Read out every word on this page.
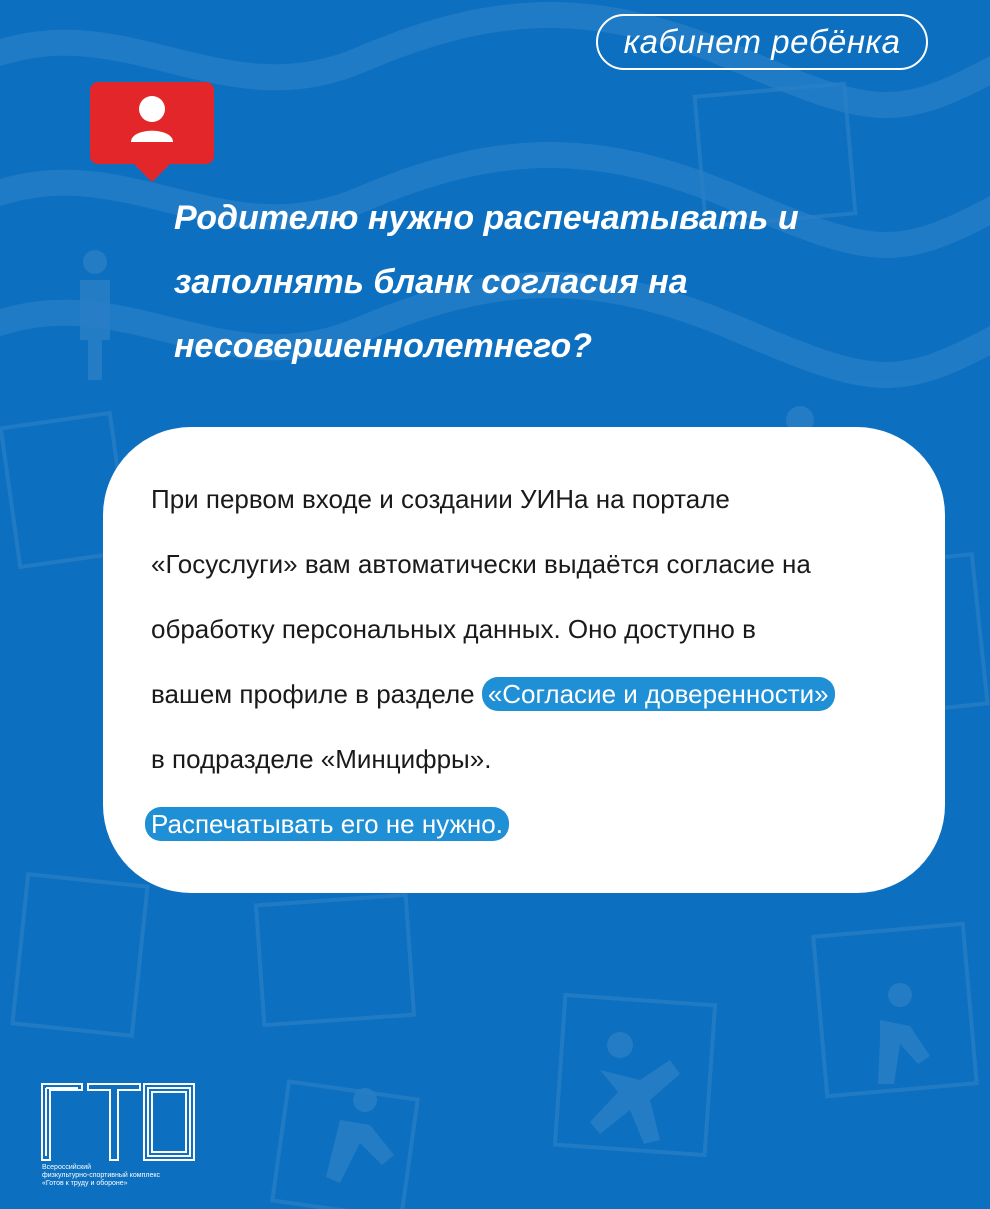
кабинет ребёнка
Родителю нужно распечатывать и заполнять бланк согласия на несовершеннолетнего?
При первом входе и создании УИНа на портале
«Госуслуги» вам автоматически выдаётся согласие на
обработку персональных данных. Оно доступно в
вашем профиле в разделе «Согласие и доверенности»
в подразделе «Минцифры».
Распечатывать его не нужно.
Всероссийский
физкультурно-спортивный комплекс
«Готов к труду и обороне»
